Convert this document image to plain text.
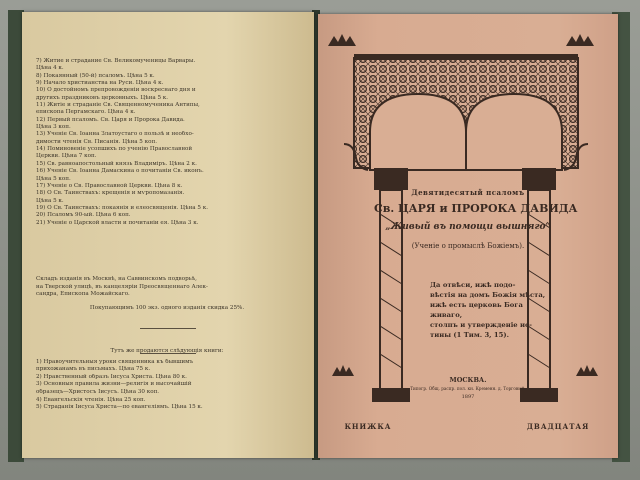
7) Житие и страдание Св. Великомученицы Варвары.
Цѣна 4 к.
8) Покаянный (50-й) псаломъ. Цѣна 5 к.
9) Начало христианства на Руси. Цѣна 4 к.
10) О достойномъ препровожденіи воскреснаго дня и
другихъ праздниковъ церковныхъ. Цѣна 5 к.
11) Житіе и страданіе Св. Священномученика Антипы,
епископа Пергамскаго. Цѣна 4 к.
12) Первый псаломъ. Св. Царя и Пророка Давида.
Цѣна 3 коп.
13) Ученіе Св. Іоанна Златоустаго о пользѣ и необхо-
димости чтенія Св. Писанія. Цѣна 5 коп.
14) Поминовеніе усопшихъ по ученію Православной
Церкви. Цѣна 7 коп.
15) Св. равноапостольный князь Владиміръ. Цѣна 2 к.
16) Ученіе Св. Іоанна Дамаскина о почитаніи Св. иконъ.
Цѣна 5 коп.
17) Ученіе о Св. Православной Церкви. Цѣна 8 к.
18) О Св. Таинствахъ: крещенія и мѵропомазанія.
Цѣна 5 к.
19) О Св. Таинствахъ: покаянія и елеосвященія. Цѣна 5 к.
20) Псаломъ 90-ый. Цѣна 6 коп.
21) Ученіе о Царской власти и почитаніи ея. Цѣна 3 к.
Складъ изданія въ Москвѣ, на Саввинскомъ подворьѣ,
на Тверской улицѣ, въ канцеляріи Преосвященнаго Алек-
сандра, Епископа Можайскаго.
Покупающимъ 100 экз. одного изданія скидка 25%.
Тутъ же продаются слѣдующія книги:
1) Нравоучительныя уроки священника къ бывшимъ
прихожанамъ въ письмахъ. Цѣна 75 к.
2) Нравственный образъ Іисуса Христа. Цѣна 80 к.
3) Основныя правила жизни—религія и высочайшій
образецъ—Христосъ Іисусъ. Цѣна 30 коп.
4) Евангельскія чтенія. Цѣна 25 коп.
5) Страданія Іисуса Христа—по евангеліямъ. Цѣна 15 к.
Девятидесятый псаломъ
Св. ЦАРЯ и ПРОРОКА ДАВИДА
„Живый въ помощи вышняго“
(Ученіе о промыслѣ Божіемъ).
Да отвѣси, ижѣ подо-
вѣстія на домъ Божія мѣста,
ижѣ есть церковь Бога живаго,
столпъ и утвержденіе ис-
тины (1 Тим. 3, 15).
МОСКВА.
Типогр. Общ. распр. пол. кн. Кременн. д. Торговый.
1897
КНИЖКА	ДВАДЦАТАЯ
